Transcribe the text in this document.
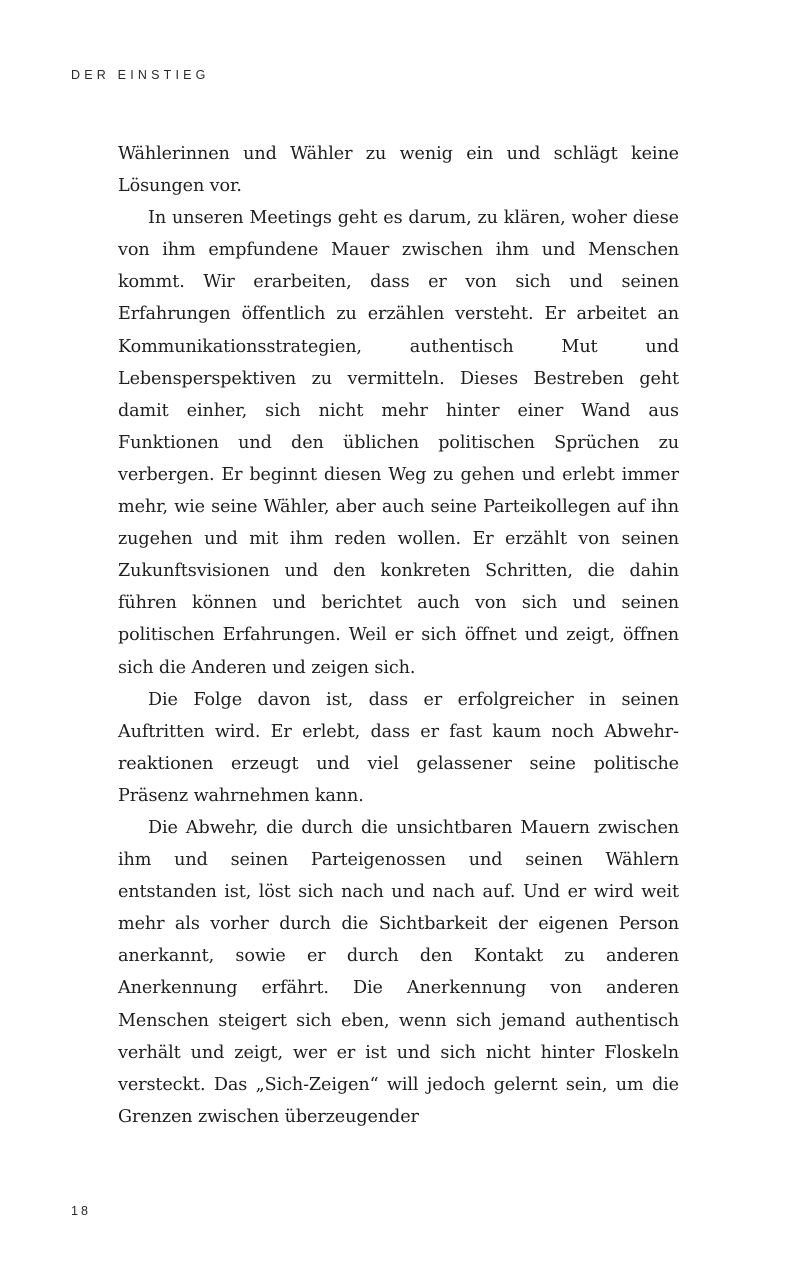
DER EINSTIEG

Wählerinnen und Wähler zu wenig ein und schlägt keine Lösungen vor.

In unseren Meetings geht es darum, zu klären, woher diese von ihm empfundene Mauer zwischen ihm und Menschen kommt. Wir erarbeiten, dass er von sich und seinen Erfahrungen öffentlich zu erzählen versteht. Er arbeitet an Kommunikationsstrategien, authentisch Mut und Lebensperspektiven zu vermitteln. Dieses Bestreben geht damit einher, sich nicht mehr hinter einer Wand aus Funktionen und den üblichen politischen Sprüchen zu verbergen. Er beginnt diesen Weg zu gehen und erlebt immer mehr, wie seine Wähler, aber auch seine Parteikollegen auf ihn zugehen und mit ihm reden wollen. Er erzählt von seinen Zukunftsvisionen und den konkreten Schritten, die dahin führen können und berichtet auch von sich und seinen politischen Erfahrungen. Weil er sich öffnet und zeigt, öffnen sich die Anderen und zeigen sich.

Die Folge davon ist, dass er erfolgreicher in seinen Auftritten wird. Er erlebt, dass er fast kaum noch Abwehrreaktionen erzeugt und viel gelassener seine politische Präsenz wahrnehmen kann.

Die Abwehr, die durch die unsichtbaren Mauern zwischen ihm und seinen Parteigenossen und seinen Wählern entstanden ist, löst sich nach und nach auf. Und er wird weit mehr als vorher durch die Sichtbarkeit der eigenen Person anerkannt, sowie er durch den Kontakt zu anderen Anerkennung erfährt. Die Anerkennung von anderen Menschen steigert sich eben, wenn sich jemand authentisch verhält und zeigt, wer er ist und sich nicht hinter Floskeln versteckt. Das „Sich-Zeigen“ will jedoch gelernt sein, um die Grenzen zwischen überzeugender

18
